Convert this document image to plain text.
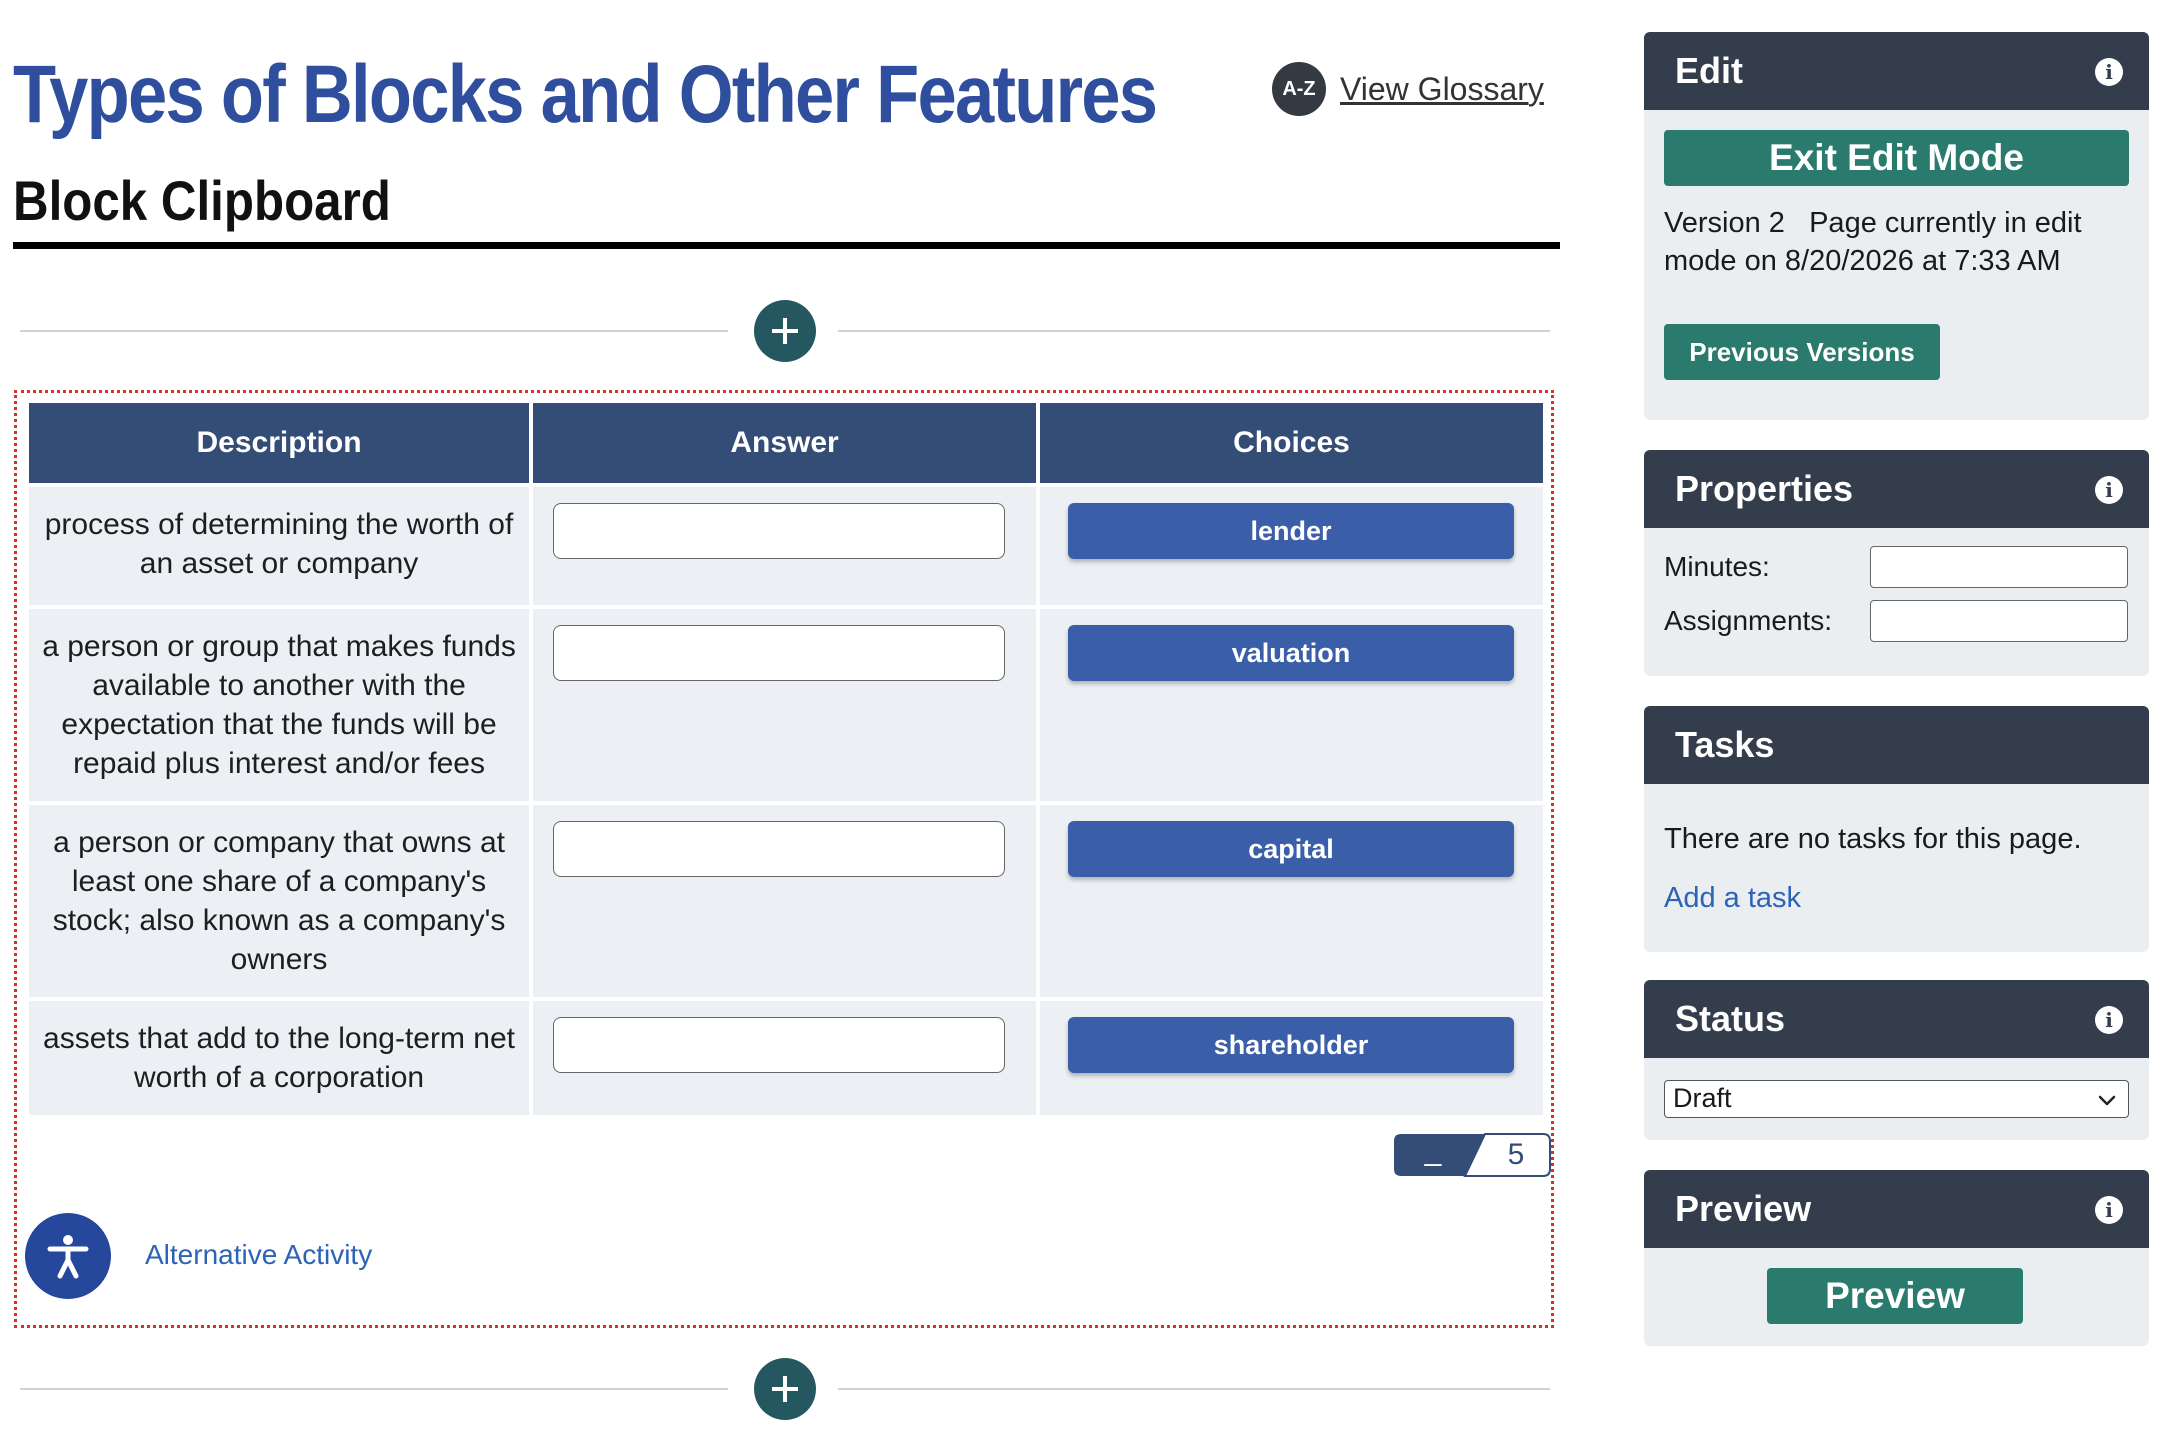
Types of Blocks and Other Features	A-Z View Glossary
Block Clipboard
Description	Answer	Choices
process of determining the worth of an asset or company		lender

a person or group that makes funds available to another with the expectation that the funds will be repaid plus interest and/or fees		valuation

a person or company that owns at least one share of a company's stock; also known as a company's owners		capital

assets that add to the long-term net worth of a corporation		shareholder
_	5
Alternative Activity
Edit	i
Exit Edit Mode
Version 2 Page currently in edit mode on 8/20/2026 at 7:33 AM
Previous Versions
Properties	i
Minutes:
Assignments:
Tasks
There are no tasks for this page.
Add a task
Status	i
Draft
Preview	i
Preview
